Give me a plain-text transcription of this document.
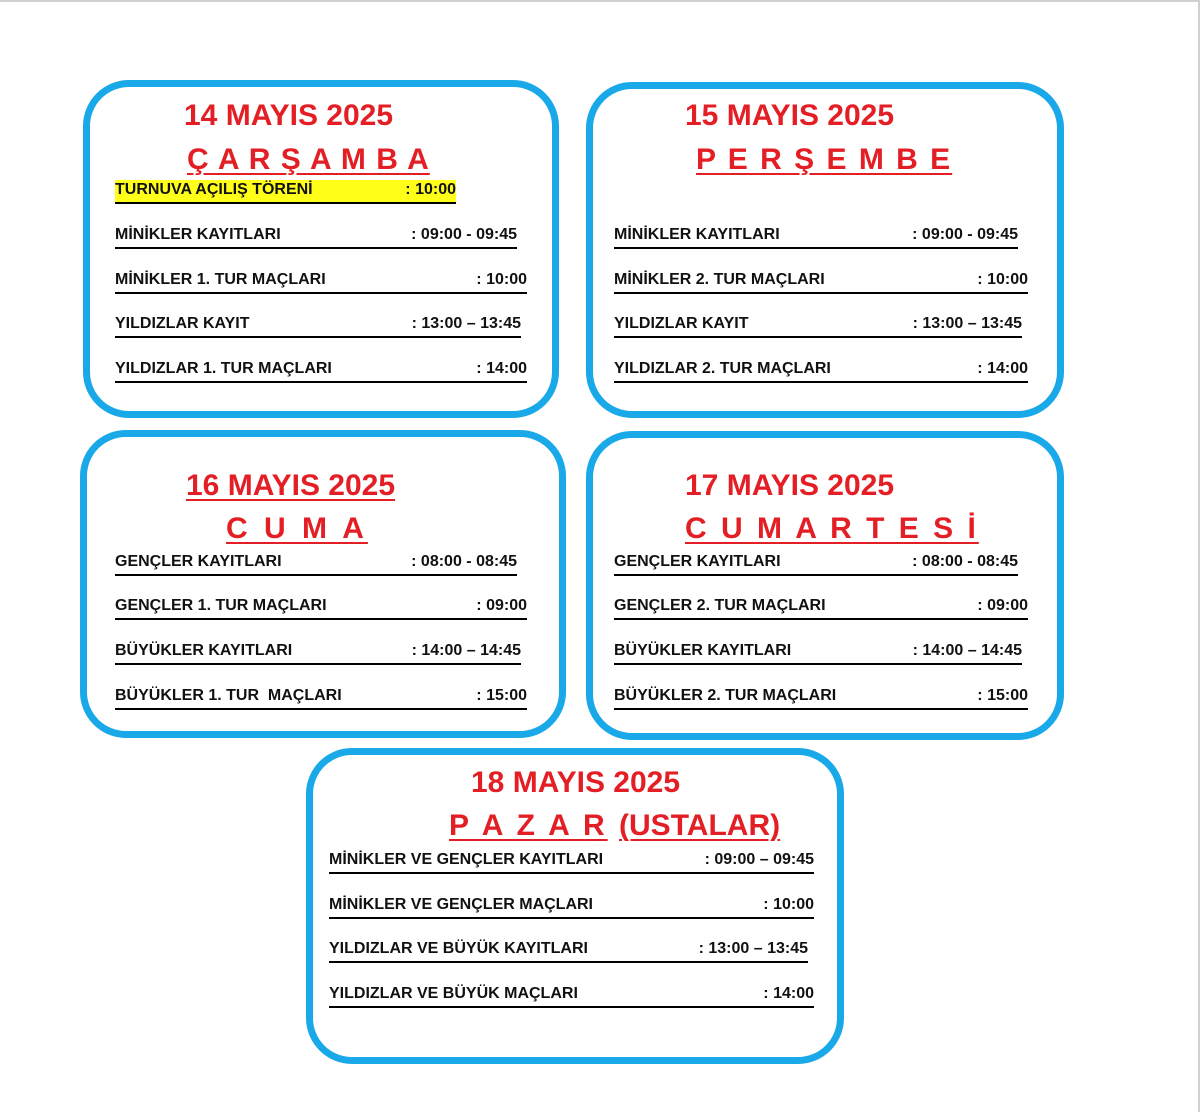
14 MAYIS 2025
Ç A R Ş A M B A
TURNUVA AÇILIŞ TÖRENİ	: 10:00
MİNİKLER KAYITLARI	: 09:00 - 09:45
MİNİKLER 1. TUR MAÇLARI	: 10:00
YILDIZLAR KAYIT	: 13:00 – 13:45
YILDIZLAR 1. TUR MAÇLARI	: 14:00
15 MAYIS 2025
P E R Ş E M B E
MİNİKLER KAYITLARI	: 09:00 - 09:45
MİNİKLER 2. TUR MAÇLARI	: 10:00
YILDIZLAR KAYIT	: 13:00 – 13:45
YILDIZLAR 2. TUR MAÇLARI	: 14:00
16 MAYIS 2025
C U M A
GENÇLER KAYITLARI	: 08:00 - 08:45
GENÇLER 1. TUR MAÇLARI	: 09:00
BÜYÜKLER KAYITLARI	: 14:00 – 14:45
BÜYÜKLER 1. TUR  MAÇLARI	: 15:00
17 MAYIS 2025
C U M A R T E S İ
GENÇLER KAYITLARI	: 08:00 - 08:45
GENÇLER 2. TUR MAÇLARI	: 09:00
BÜYÜKLER KAYITLARI	: 14:00 – 14:45
BÜYÜKLER 2. TUR MAÇLARI	: 15:00
18 MAYIS 2025
P A Z A R (USTALAR)
MİNİKLER VE GENÇLER KAYITLARI	: 09:00 – 09:45
MİNİKLER VE GENÇLER MAÇLARI	: 10:00
YILDIZLAR VE BÜYÜK KAYITLARI	: 13:00 – 13:45
YILDIZLAR VE BÜYÜK MAÇLARI	: 14:00
